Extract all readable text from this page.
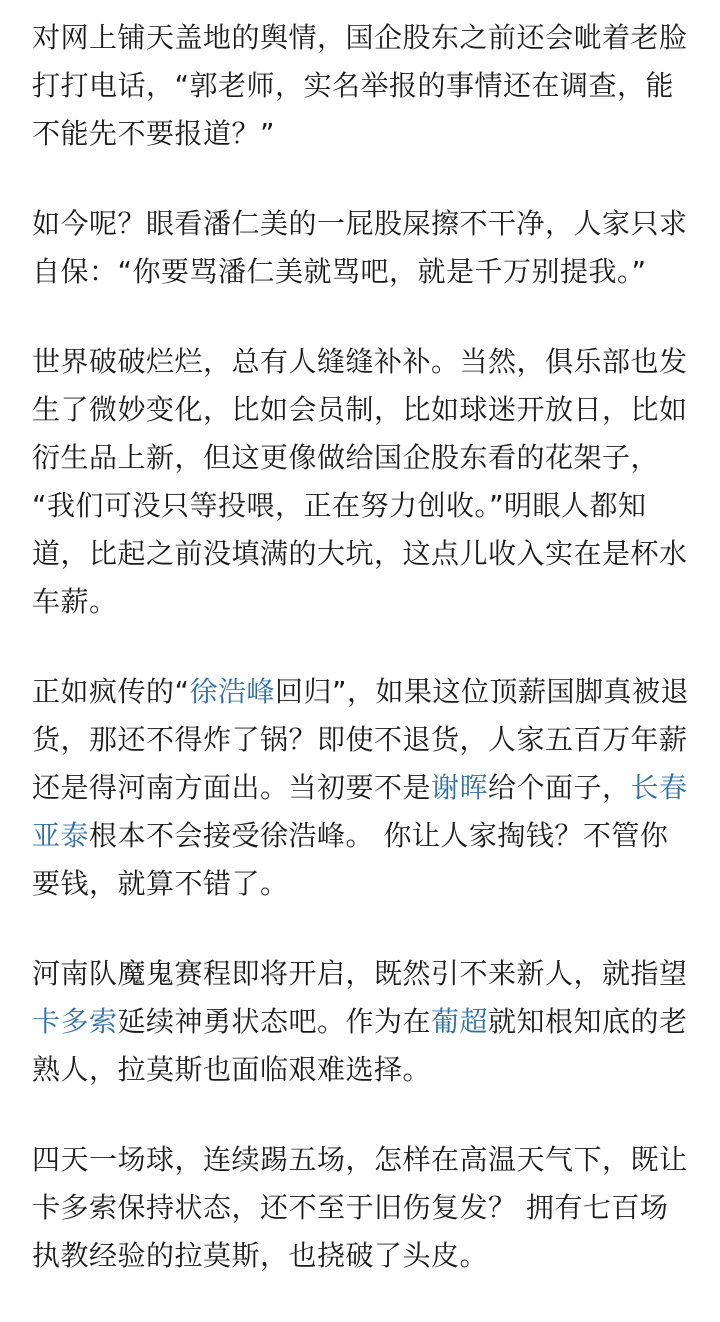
对网上铺天盖地的舆情，国企股东之前还会呲着老脸
打打电话，“郭老师，实名举报的事情还在调查，能
不能先不要报道？”

如今呢？眼看潘仁美的一屁股屎擦不干净，人家只求
自保：“你要骂潘仁美就骂吧，就是千万别提我。”

世界破破烂烂，总有人缝缝补补。当然，俱乐部也发
生了微妙变化，比如会员制，比如球迷开放日，比如
衍生品上新，但这更像做给国企股东看的花架子，
“我们可没只等投喂，正在努力创收。”明眼人都知
道，比起之前没填满的大坑，这点儿收入实在是杯水
车薪。

正如疯传的“徐浩峰回归”，如果这位顶薪国脚真被退
货，那还不得炸了锅？即使不退货，人家五百万年薪
还是得河南方面出。当初要不是谢晖给个面子，长春
亚泰根本不会接受徐浩峰。 你让人家掏钱？不管你
要钱，就算不错了。

河南队魔鬼赛程即将开启，既然引不来新人，就指望
卡多索延续神勇状态吧。作为在葡超就知根知底的老
熟人，拉莫斯也面临艰难选择。

四天一场球，连续踢五场，怎样在高温天气下，既让
卡多索保持状态，还不至于旧伤复发？ 拥有七百场
执教经验的拉莫斯，也挠破了头皮。
